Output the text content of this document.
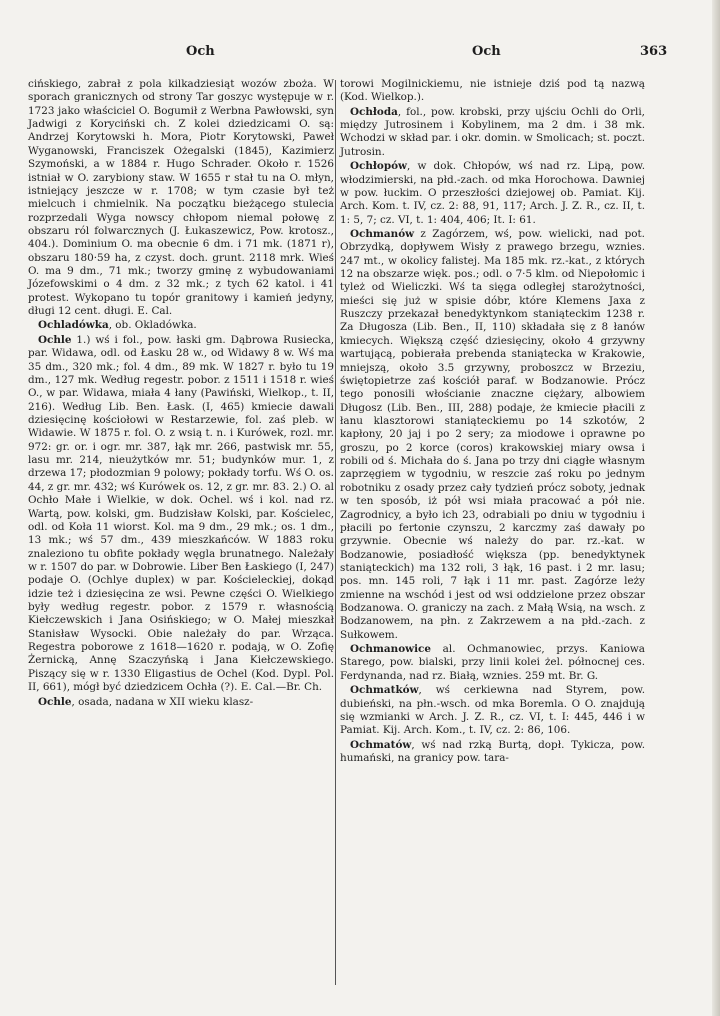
Och	Och	363

cińskiego, zabrał z pola kilkadziesiąt wozów zboża. W sporach granicznych od strony Tar goszyc występuje w r. 1723 jako właściciel O. Bogumił z Werbna Pawłowski, syn Jadwigi z Koryciński ch. Z kolei dziedzicami O. są: Andrzej Korytowski h. Mora, Piotr Korytowski, Paweł Wyganowski, Franciszek Ożegalski (1845), Kazimierz Szymoński, a w 1884 r. Hugo Schrader. Około r. 1526 istniał w O. zarybiony staw. W 1655 r stał tu na O. młyn, istniejący jeszcze w r. 1708; w tym czasie był też mielcuch i chmielnik. Na początku bieżącego stulecia rozprzedali Wyga nowscy chłopom niemal połowę z obszaru ról folwarcznych (J. Łukaszewicz, Pow. krotosz., 404.). Dominium O. ma obecnie 6 dm. i 71 mk. (1871 r), obszaru 180·59 ha, z czyst. doch. grunt. 2118 mrk. Wieś O. ma 9 dm., 71 mk.; tworzy gminę z wybudowaniami Józefowskimi o 4 dm. z 32 mk.; z tych 62 katol. i 41 protest. Wykopano tu topór granitowy i kamień jedyny, długi 12 cent. długi. E. Cal.

Ochladówka, ob. Okladówka.

Ochle 1.) wś i fol., pow. łaski gm. Dąbrowa Rusiecka, par. Widawa, odl. od Łasku 28 w., od Widawy 8 w. Wś ma 35 dm., 320 mk.; fol. 4 dm., 89 mk. W 1827 r. było tu 19 dm., 127 mk. Według regestr. pobor. z 1511 i 1518 r. wieś O., w par. Widawa, miała 4 łany (Pawiński, Wielkop., t. II, 216). Według Lib. Ben. Łask. (I, 465) kmiecie dawali dziesięcinę kościołowi w Restarzewie, fol. zaś pleb. w Widawie. W 1875 r. fol. O. z wsią t. n. i Kurówek, rozl. mr. 972: gr. or. i ogr. mr. 387, łąk mr. 266, pastwisk mr. 55, lasu mr. 214, nieużytków mr. 51; budynków mur. 1, z drzewa 17; płodozmian 9 polowy; pokłady torfu. Wś O. os. 44, z gr. mr. 432; wś Kurówek os. 12, z gr. mr. 83. 2.) O. al Ochło Małe i Wielkie, w dok. Ochel. wś i kol. nad rz. Wartą, pow. kolski, gm. Budzisław Kolski, par. Kościelec, odl. od Koła 11 wiorst. Kol. ma 9 dm., 29 mk.; os. 1 dm., 13 mk.; wś 57 dm., 439 mieszkańców. W 1883 roku znaleziono tu obfite pokłady węgla brunatnego. Należały w r. 1507 do par. w Dobrowie. Liber Ben Łaskiego (I, 247) podaje O. (Ochlye duplex) w par. Kościeleckiej, dokąd idzie też i dziesięcina ze wsi. Pewne części O. Wielkiego były według regestr. pobor. z 1579 r. własnością Kiełczewskich i Jana Osińskiego; w O. Małej mieszkał Stanisław Wysocki. Obie należały do par. Wrząca. Regestra poborowe z 1618—1620 r. podają, w O. Zofię Żernicką, Annę Szaczyńską i Jana Kiełczewskiego. Piszący się w r. 1330 Eligastius de Ochel (Kod. Dypl. Pol. II, 661), mógł być dziedzicem Ochła (?). E. Cal.—Br. Ch.

Ochle, osada, nadana w XII wieku klasz-

torowi Mogilnickiemu, nie istnieje dziś pod tą nazwą (Kod. Wielkop.).

Ochłoda, fol., pow. krobski, przy ujściu Ochli do Orli, między Jutrosinem i Kobylinem, ma 2 dm. i 38 mk. Wchodzi w skład par. i okr. domin. w Smolicach; st. poczt. Jutrosin.

Ochłopów, w dok. Chłopów, wś nad rz. Lipą, pow. włodzimierski, na płd.-zach. od mka Horochowa. Dawniej w pow. łuckim. O przeszłości dziejowej ob. Pamiat. Kij. Arch. Kom. t. IV, cz. 2: 88, 91, 117; Arch. J. Z. R., cz. II, t. 1: 5, 7; cz. VI, t. 1: 404, 406; It. I: 61.

Ochmanów z Zagórzem, wś, pow. wielicki, nad pot. Obrzydką, dopływem Wisły z prawego brzegu, wznies. 247 mt., w okolicy falistej. Ma 185 mk. rz.-kat., z których 12 na obszarze więk. pos.; odl. o 7·5 klm. od Niepołomic i tyleż od Wieliczki. Wś ta sięga odległej starożytności, mieści się już w spisie dóbr, które Klemens Jaxa z Ruszczy przekazał benedyktynkom staniąteckim 1238 r. Za Długosza (Lib. Ben., II, 110) składała się z 8 łanów kmiecych. Większą część dziesięciny, około 4 grzywny wartującą, pobierała prebenda staniątecka w Krakowie, mniejszą, około 3.5 grzywny, proboszcz w Brzeziu, świętopietrze zaś kościół paraf. w Bodzanowie. Prócz tego ponosili włościanie znaczne ciężary, albowiem Długosz (Lib. Ben., III, 288) podaje, że kmiecie płacili z łanu klasztorowi staniąteckiemu po 14 szkotów, 2 kapłony, 20 jaj i po 2 sery; za miodowe i oprawne po groszu, po 2 korce (coros) krakowskiej miary owsa i robili od ś. Michała do ś. Jana po trzy dni ciągłe własnym zaprzęgiem w tygodniu, w reszcie zaś roku po jednym robotniku z osady przez cały tydzień prócz soboty, jednak w ten sposób, iż pół wsi miała pracować a pół nie. Zagrodnicy, a było ich 23, odrabiali po dniu w tygodniu i płacili po fertonie czynszu, 2 karczmy zaś dawały po grzywnie. Obecnie wś należy do par. rz.-kat. w Bodzanowie, posiadłość większa (pp. benedyktynek staniąteckich) ma 132 roli, 3 łąk, 16 past. i 2 mr. lasu; pos. mn. 145 roli, 7 łąk i 11 mr. past. Zagórze leży zmienne na wschód i jest od wsi oddzielone przez obszar Bodzanowa. O. graniczy na zach. z Małą Wsią, na wsch. z Bodzanowem, na płn. z Zakrzewem a na płd.-zach. z Sułkowem.

Ochmanowice al. Ochmanowiec, przys. Kaniowa Starego, pow. bialski, przy linii kolei żel. północnej ces. Ferdynanda, nad rz. Białą, wznies. 259 mt. Br. G.

Ochmatków, wś cerkiewna nad Styrem, pow. dubieński, na płn.-wsch. od mka Boremla. O O. znajdują się wzmianki w Arch. J. Z. R., cz. VI, t. I: 445, 446 i w Pamiat. Kij. Arch. Kom., t. IV, cz. 2: 86, 106.

Ochmatów, wś nad rzką Burtą, dopł. Tykicza, pow. humański, na granicy pow. tara-
